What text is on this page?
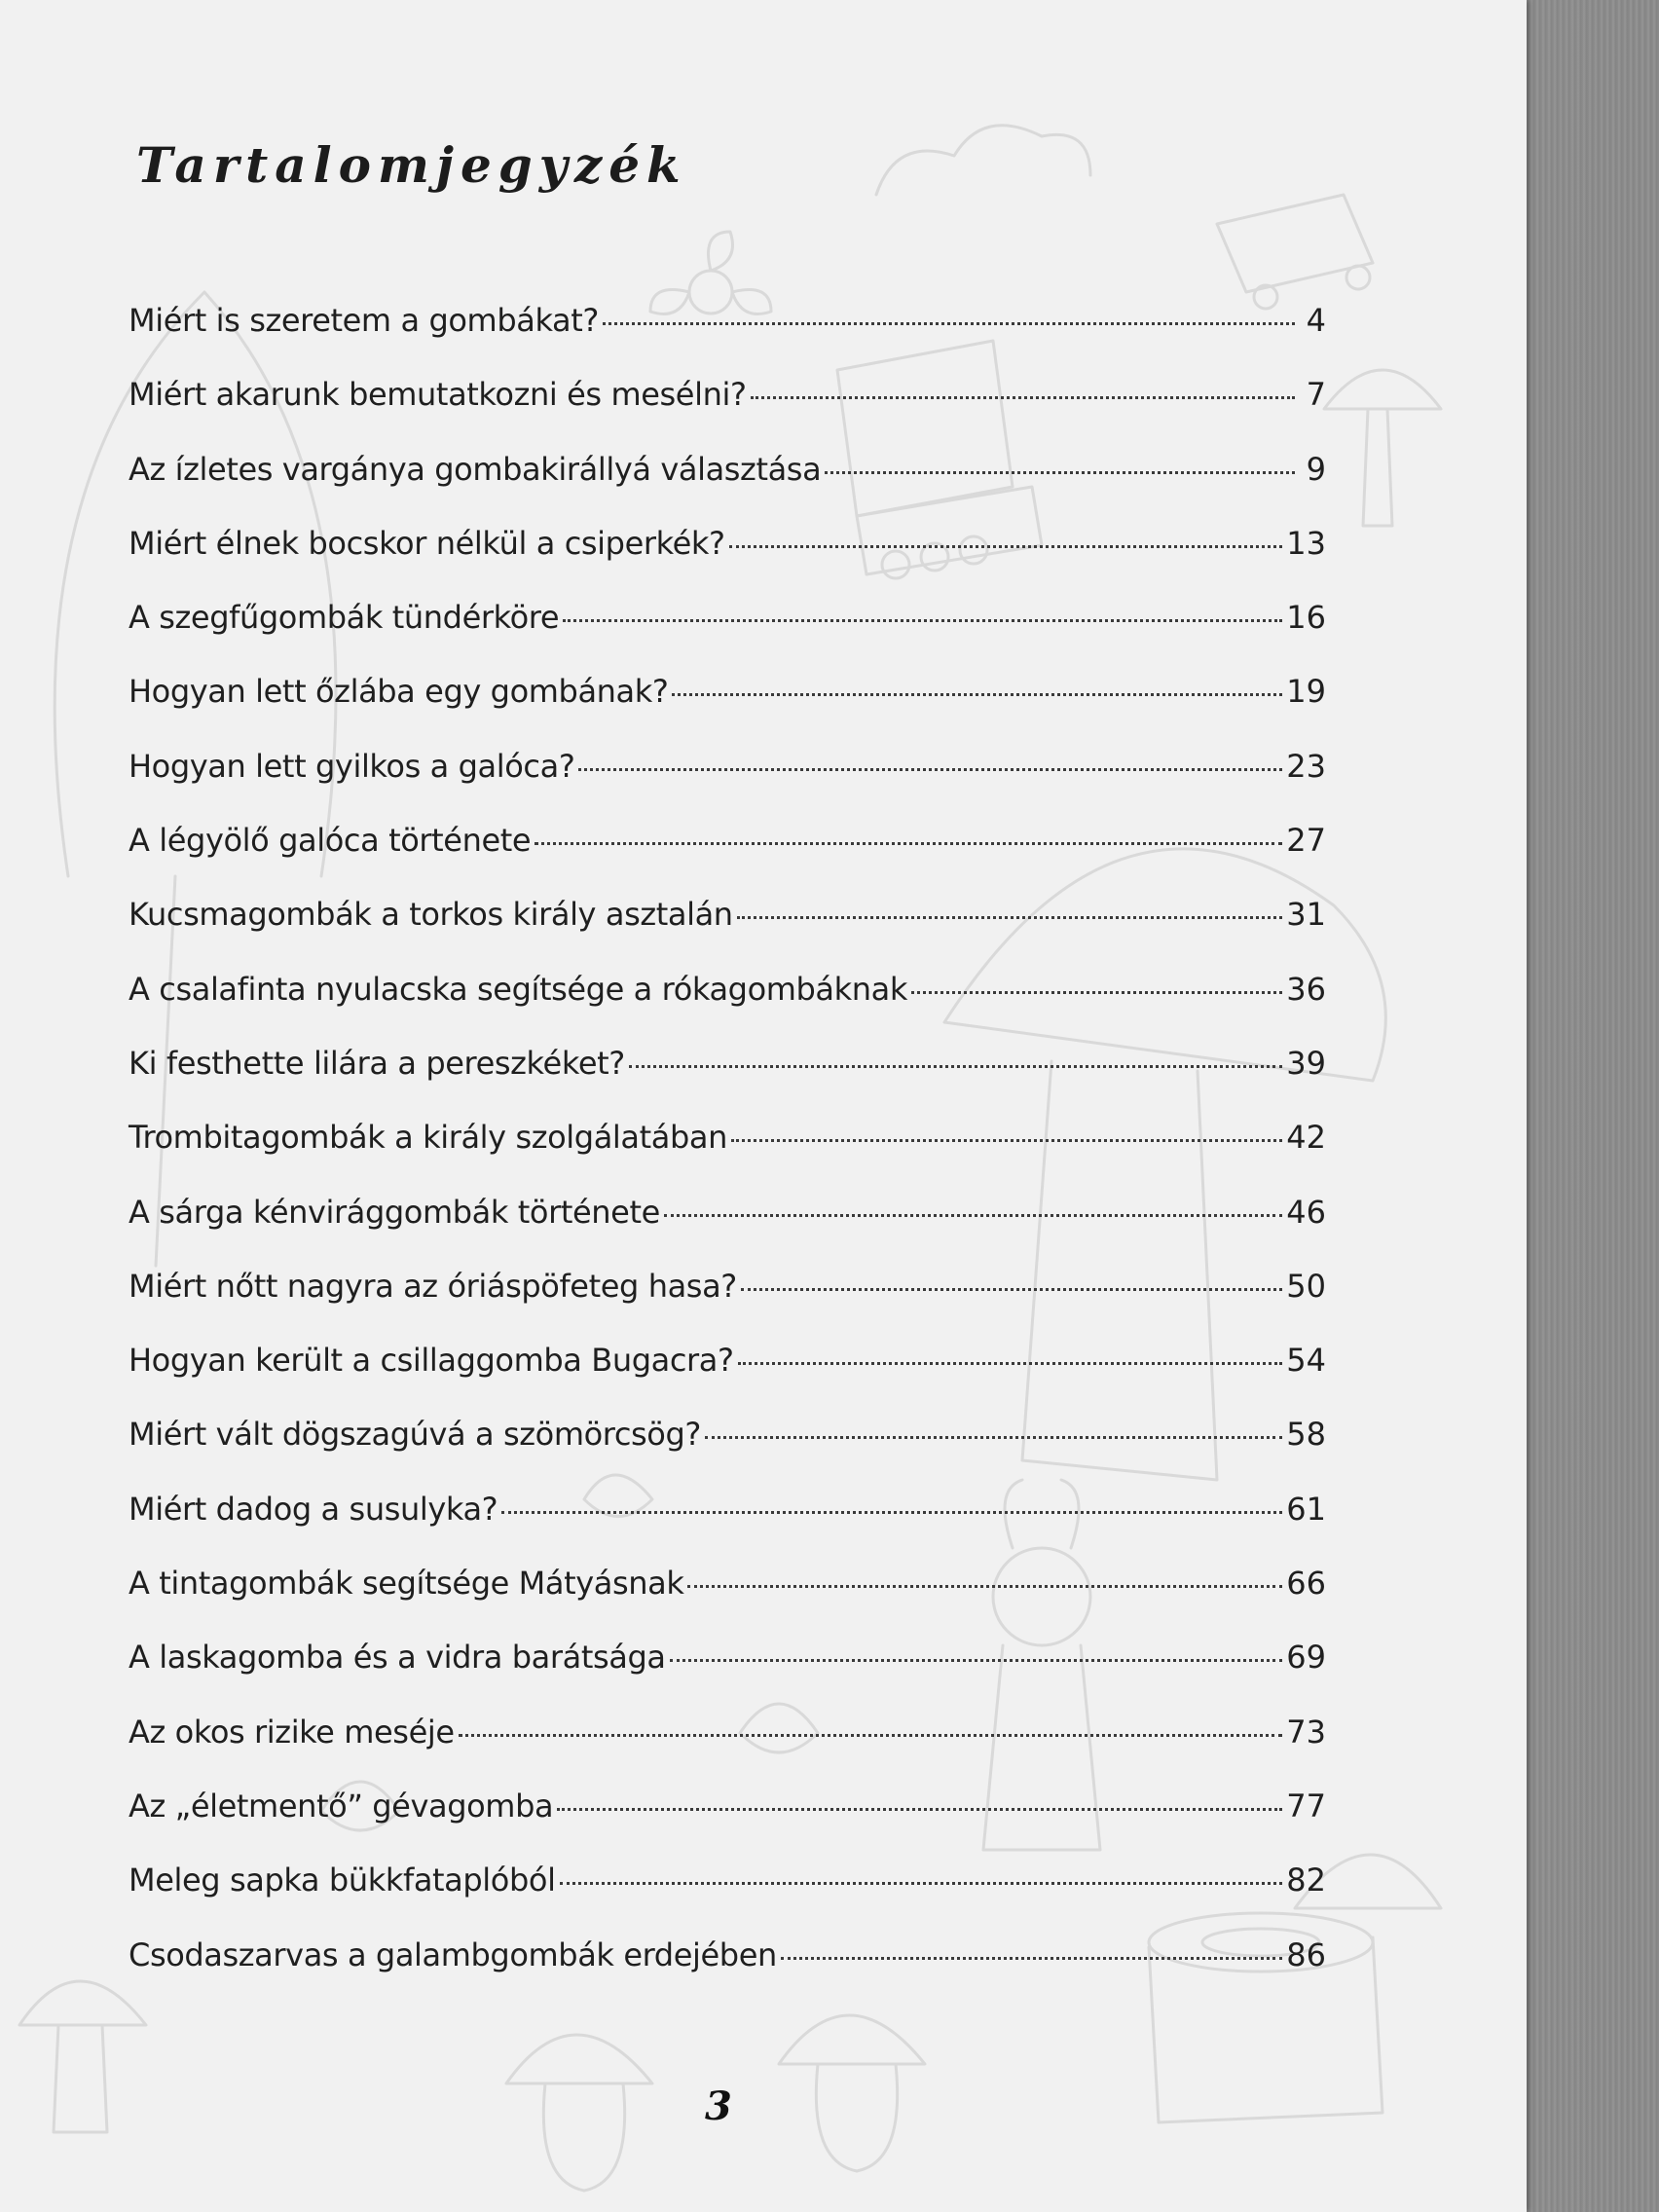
Tartalomjegyzék
Miért is szeretem a gombákat?	4
Miért akarunk bemutatkozni és mesélni?	7
Az ízletes vargánya gombakirállyá választása	9
Miért élnek bocskor nélkül a csiperkék?	13
A szegfűgombák tündérköre	16
Hogyan lett őzlába egy gombának?	19
Hogyan lett gyilkos a galóca?	23
A légyölő galóca története	27
Kucsmagombák a torkos király asztalán	31
A csalafinta nyulacska segítsége a rókagombáknak	36
Ki festhette lilára a pereszkéket?	39
Trombitagombák a király szolgálatában	42
A sárga kénvirággombák története	46
Miért nőtt nagyra az óriáspöfeteg hasa?	50
Hogyan került a csillaggomba Bugacra?	54
Miért vált dögszagúvá a szömörcsög?	58
Miért dadog a susulyka?	61
A tintagombák segítsége Mátyásnak	66
A laskagomba és a vidra barátsága	69
Az okos rizike meséje	73
Az „életmentő” gévagomba	77
Meleg sapka bükkfataplóból	82
Csodaszarvas a galambgombák erdejében	86
3
